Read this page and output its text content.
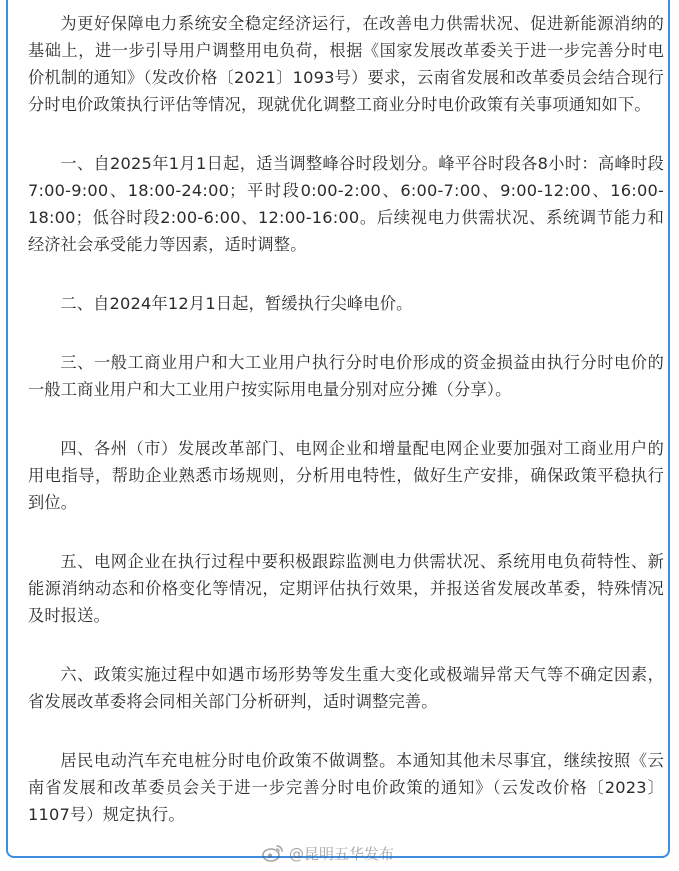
为更好保障电力系统安全稳定经济运行，在改善电力供需状况、促进新能源消纳的基础上，进一步引导用户调整用电负荷，根据《国家发展改革委关于进一步完善分时电价机制的通知》（发改价格〔2021〕1093号）要求，云南省发展和改革委员会结合现行分时电价政策执行评估等情况，现就优化调整工商业分时电价政策有关事项通知如下。

一、自2025年1月1日起，适当调整峰谷时段划分。峰平谷时段各8小时：高峰时段7:00-9:00、18:00-24:00；平时段0:00-2:00、6:00-7:00、9:00-12:00、16:00-18:00；低谷时段2:00-6:00、12:00-16:00。后续视电力供需状况、系统调节能力和经济社会承受能力等因素，适时调整。

二、自2024年12月1日起，暂缓执行尖峰电价。

三、一般工商业用户和大工业用户执行分时电价形成的资金损益由执行分时电价的一般工商业用户和大工业用户按实际用电量分别对应分摊（分享）。

四、各州（市）发展改革部门、电网企业和增量配电网企业要加强对工商业用户的用电指导，帮助企业熟悉市场规则，分析用电特性，做好生产安排，确保政策平稳执行到位。

五、电网企业在执行过程中要积极跟踪监测电力供需状况、系统用电负荷特性、新能源消纳动态和价格变化等情况，定期评估执行效果，并报送省发展改革委，特殊情况及时报送。

六、政策实施过程中如遇市场形势等发生重大变化或极端异常天气等不确定因素，省发展改革委将会同相关部门分析研判，适时调整完善。

居民电动汽车充电桩分时电价政策不做调整。本通知其他未尽事宜，继续按照《云南省发展和改革委员会关于进一步完善分时电价政策的通知》（云发改价格〔2023〕1107号）规定执行。

@昆明五华发布
